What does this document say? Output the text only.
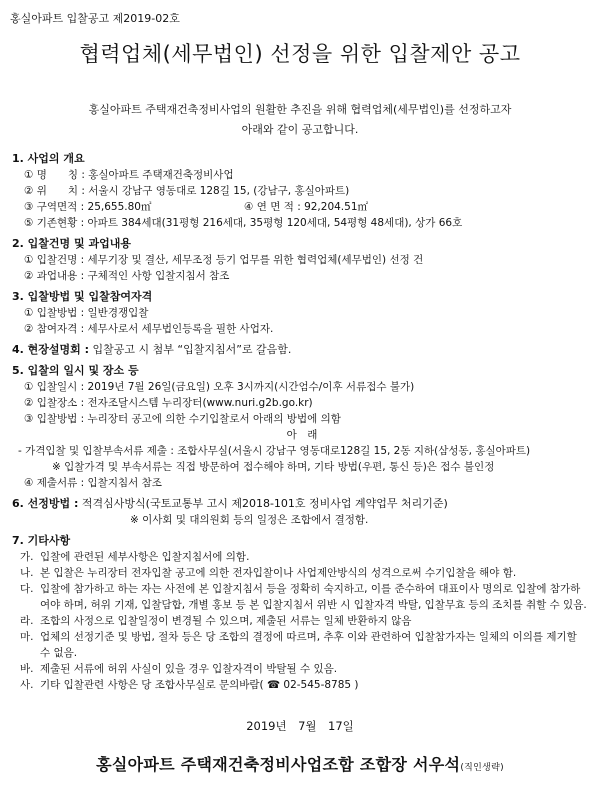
홍실아파트 입찰공고 제2019-02호
협력업체(세무법인) 선정을 위한 입찰제안 공고
홍실아파트 주택재건축정비사업의 원활한 추진을 위해 협력업체(세무법인)를 선정하고자
아래와 같이 공고합니다.
1. 사업의 개요
① 명　　칭 : 홍실아파트 주택재건축정비사업
② 위　　치 : 서울시 강남구 영동대로 128길 15, (강남구, 홍실아파트)
③ 구역면적 : 25,655.80㎡	④ 연 면 적 : 92,204.51㎡
⑤ 기존현황 : 아파트 384세대(31평형 216세대, 35평형 120세대, 54평형 48세대), 상가 66호
2. 입찰건명 및 과업내용
① 입찰건명 : 세무기장 및 결산, 세무조정 등기 업무를 위한 협력업체(세무법인) 선정 건
② 과업내용 : 구체적인 사항 입찰지침서 참조
3. 입찰방법 및 입찰참여자격
① 입찰방법 : 일반경쟁입찰
② 참여자격 : 세무사로서 세무법인등록을 필한 사업자.
4. 현장설명회 : 입찰공고 시 첨부 “입찰지침서”로 갈음함.
5. 입찰의 일시 및 장소 등
① 입찰일시 : 2019년 7월 26일(금요일) 오후 3시까지(시간엄수/이후 서류접수 불가)
② 입찰장소 : 전자조달시스템 누리장터(www.nuri.g2b.go.kr)
③ 입찰방법 : 누리장터 공고에 의한 수기입찰로서 아래의 방법에 의함
아　래
- 가격입찰 및 입찰부속서류 제출 : 조합사무실(서울시 강남구 영동대로128길 15, 2동 지하(삼성동, 홍실아파트)
※ 입찰가격 및 부속서류는 직접 방문하여 접수해야 하며, 기타 방법(우편, 통신 등)은 접수 불인정
④ 제출서류 : 입찰지침서 참조
6. 선정방법 : 적격심사방식(국토교통부 고시 제2018-101호 정비사업 계약업무 처리기준)
※ 이사회 및 대의원회 등의 일정은 조합에서 결정함.
7. 기타사항
가. 입찰에 관련된 세부사항은 입찰지침서에 의함.
나. 본 입찰은 누리장터 전자입찰 공고에 의한 전자입찰이나 사업제안방식의 성격으로써 수기입찰을 해야 함.
다. 입찰에 참가하고 하는 자는 사전에 본 입찰지침서 등을 정확히 숙지하고, 이를 준수하여 대표이사 명의로 입찰에 참가하여야 하며, 허위 기재, 입찰담합, 개별 홍보 등 본 입찰지침서 위반 시 입찰자격 박탈, 입찰무효 등의 조치를 취할 수 있음.
라. 조합의 사정으로 입찰일정이 변경될 수 있으며, 제출된 서류는 일체 반환하지 않음
마. 업체의 선정기준 및 방법, 절차 등은 당 조합의 결정에 따르며, 추후 이와 관련하여 입찰참가자는 일체의 이의를 제기할 수 없음.
바. 제출된 서류에 허위 사실이 있을 경우 입찰자격이 박탈될 수 있음.
사. 기타 입찰관련 사항은 당 조합사무실로 문의바람( ☎ 02-545-8785 )
2019년　7월　17일
홍실아파트 주택재건축정비사업조합 조합장 서우석(직인생략)
